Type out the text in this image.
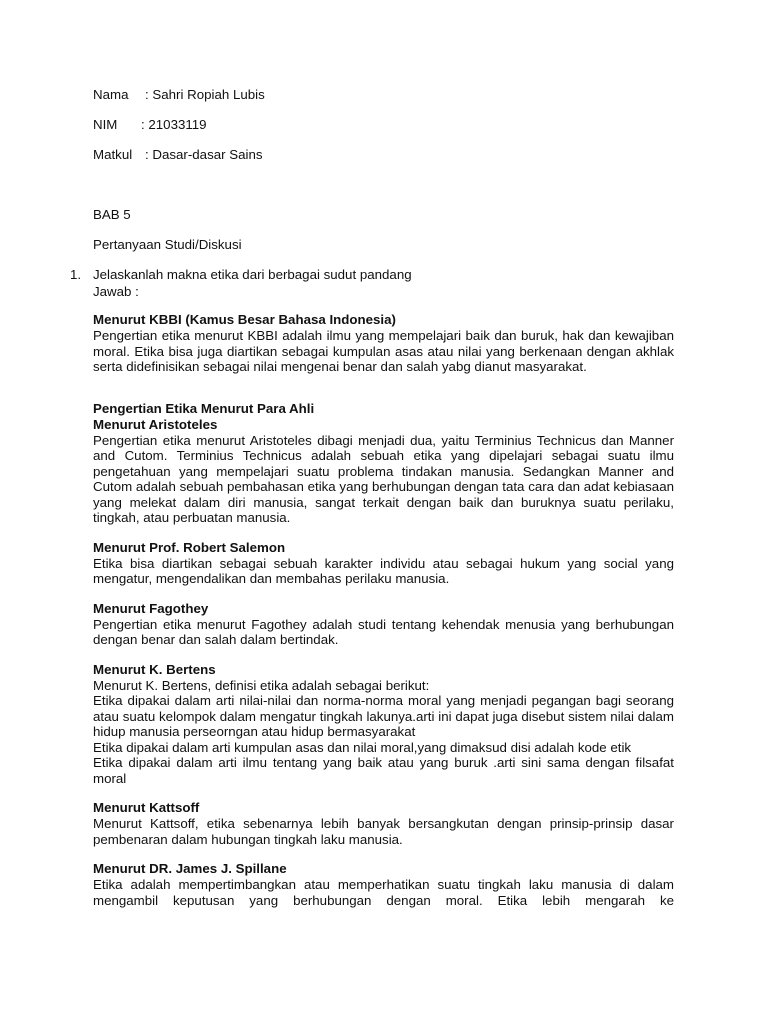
Nama : Sahri Ropiah Lubis
NIM : 21033119
Matkul : Dasar-dasar Sains
BAB 5
Pertanyaan Studi/Diskusi
1. Jelaskanlah makna etika dari berbagai sudut pandang
Jawab :

Menurut KBBI (Kamus Besar Bahasa Indonesia)

Pengertian etika menurut KBBI adalah ilmu yang mempelajari baik dan buruk, hak dan kewajiban moral. Etika bisa juga diartikan sebagai kumpulan asas atau nilai yang berkenaan dengan akhlak serta didefinisikan sebagai nilai mengenai benar dan salah yabg dianut masyarakat.

Pengertian Etika Menurut Para Ahli

Menurut Aristoteles

Pengertian etika menurut Aristoteles dibagi menjadi dua, yaitu Terminius Technicus dan Manner and Cutom. Terminius Technicus adalah sebuah etika yang dipelajari sebagai suatu ilmu pengetahuan yang mempelajari suatu problema tindakan manusia. Sedangkan Manner and Cutom adalah sebuah pembahasan etika yang berhubungan dengan tata cara dan adat kebiasaan yang melekat dalam diri manusia, sangat terkait dengan baik dan buruknya suatu perilaku, tingkah, atau perbuatan manusia.

Menurut Prof. Robert Salemon

Etika bisa diartikan sebagai sebuah karakter individu atau sebagai hukum yang social yang mengatur, mengendalikan dan membahas perilaku manusia.

Menurut Fagothey

Pengertian etika menurut Fagothey adalah studi tentang kehendak menusia yang berhubungan dengan benar dan salah dalam bertindak.

Menurut K. Bertens

Menurut K. Bertens, definisi etika adalah sebagai berikut:

Etika dipakai dalam arti nilai-nilai dan norma-norma moral yang menjadi pegangan bagi seorang atau suatu kelompok dalam mengatur tingkah lakunya.arti ini dapat juga disebut sistem nilai dalam hidup manusia perseorngan atau hidup bermasyarakat

Etika dipakai dalam arti kumpulan asas dan nilai moral,yang dimaksud disi adalah kode etik

Etika dipakai dalam arti ilmu tentang yang baik atau yang buruk .arti sini sama dengan filsafat moral

Menurut Kattsoff

Menurut Kattsoff, etika sebenarnya lebih banyak bersangkutan dengan prinsip-prinsip dasar pembenaran dalam hubungan tingkah laku manusia.

Menurut DR. James J. Spillane

Etika adalah mempertimbangkan atau memperhatikan suatu tingkah laku manusia di dalam mengambil keputusan yang berhubungan dengan moral. Etika lebih mengarah ke
